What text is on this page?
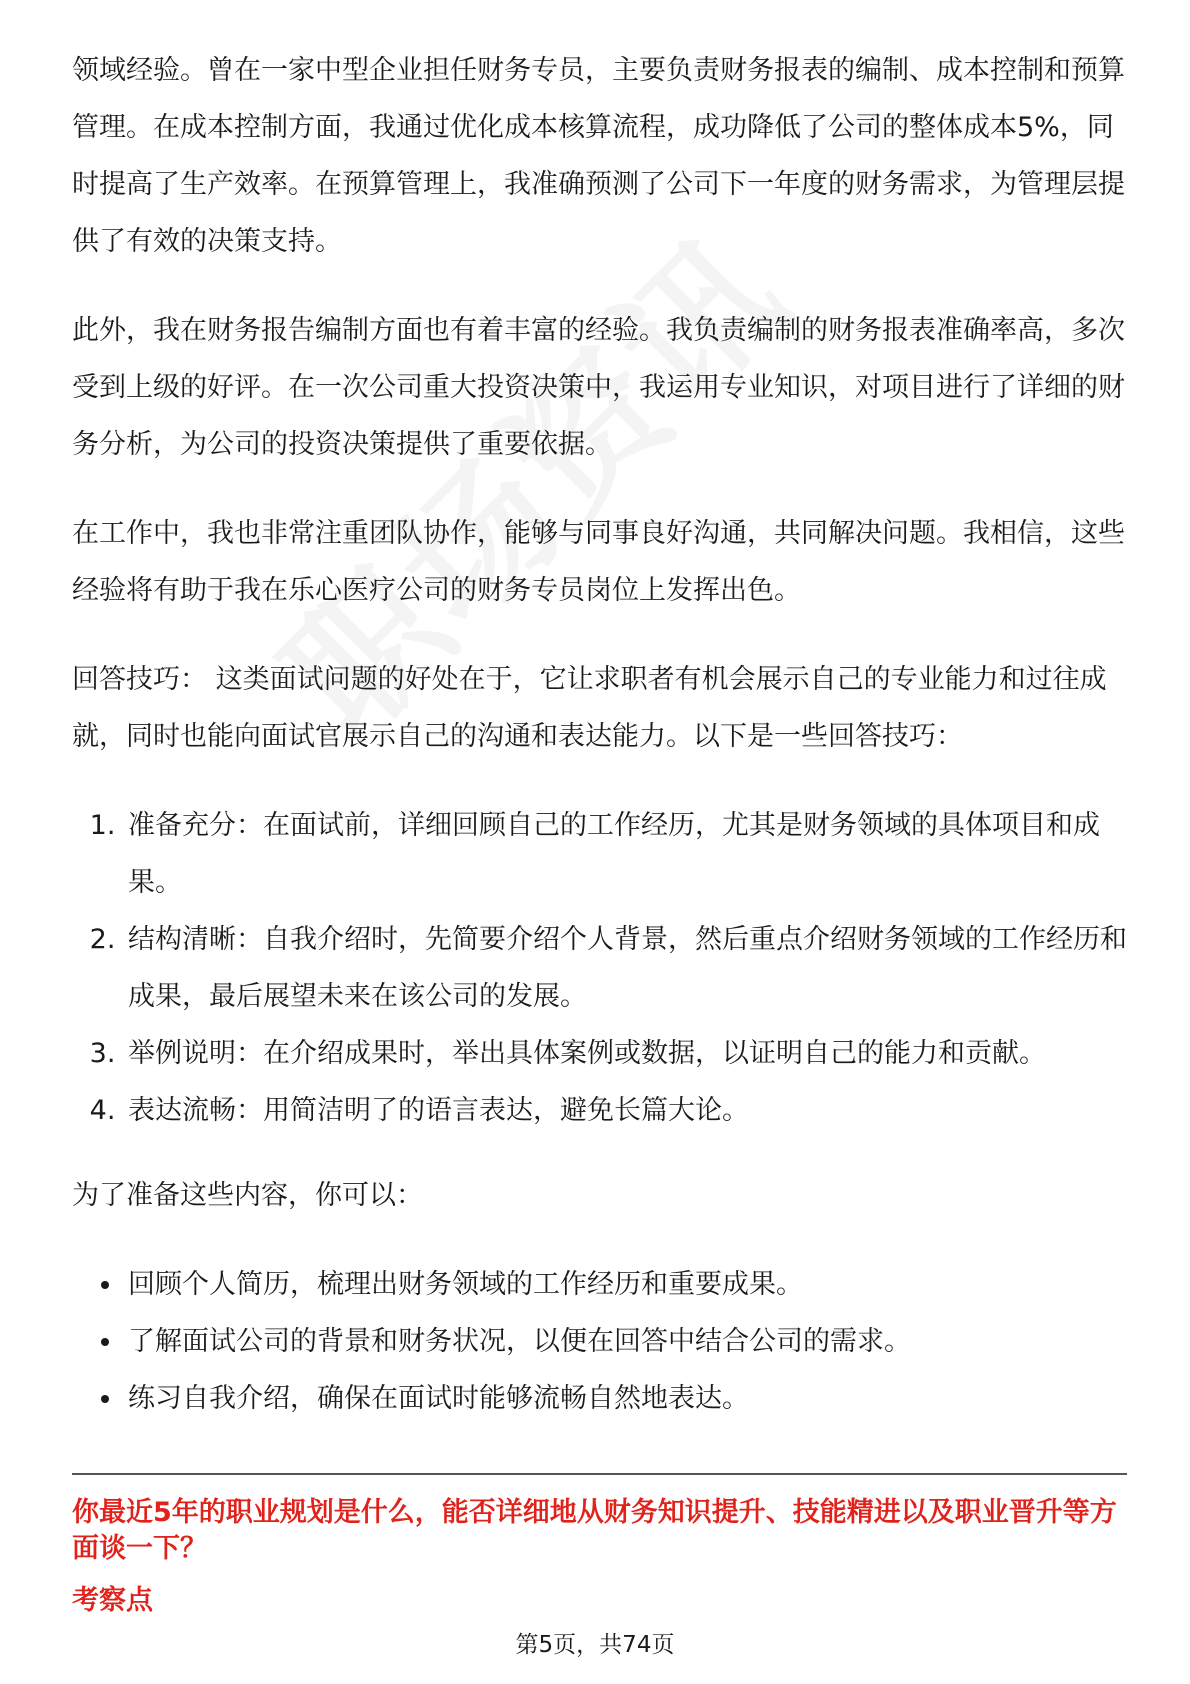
领域经验。曾在一家中型企业担任财务专员，主要负责财务报表的编制、成本控制和预算管理。在成本控制方面，我通过优化成本核算流程，成功降低了公司的整体成本5%，同时提高了生产效率。在预算管理上，我准确预测了公司下一年度的财务需求，为管理层提供了有效的决策支持。

此外，我在财务报告编制方面也有着丰富的经验。我负责编制的财务报表准确率高，多次受到上级的好评。在一次公司重大投资决策中，我运用专业知识，对项目进行了详细的财务分析，为公司的投资决策提供了重要依据。

在工作中，我也非常注重团队协作，能够与同事良好沟通，共同解决问题。我相信，这些经验将有助于我在乐心医疗公司的财务专员岗位上发挥出色。

回答技巧： 这类面试问题的好处在于，它让求职者有机会展示自己的专业能力和过往成就，同时也能向面试官展示自己的沟通和表达能力。以下是一些回答技巧：

1. 准备充分：在面试前，详细回顾自己的工作经历，尤其是财务领域的具体项目和成果。
2. 结构清晰：自我介绍时，先简要介绍个人背景，然后重点介绍财务领域的工作经历和成果，最后展望未来在该公司的发展。
3. 举例说明：在介绍成果时，举出具体案例或数据，以证明自己的能力和贡献。
4. 表达流畅：用简洁明了的语言表达，避免长篇大论。

为了准备这些内容，你可以：

• 回顾个人简历，梳理出财务领域的工作经历和重要成果。
• 了解面试公司的背景和财务状况，以便在回答中结合公司的需求。
• 练习自我介绍，确保在面试时能够流畅自然地表达。

你最近5年的职业规划是什么，能否详细地从财务知识提升、技能精进以及职业晋升等方面谈一下？

考察点

第5页，共74页
